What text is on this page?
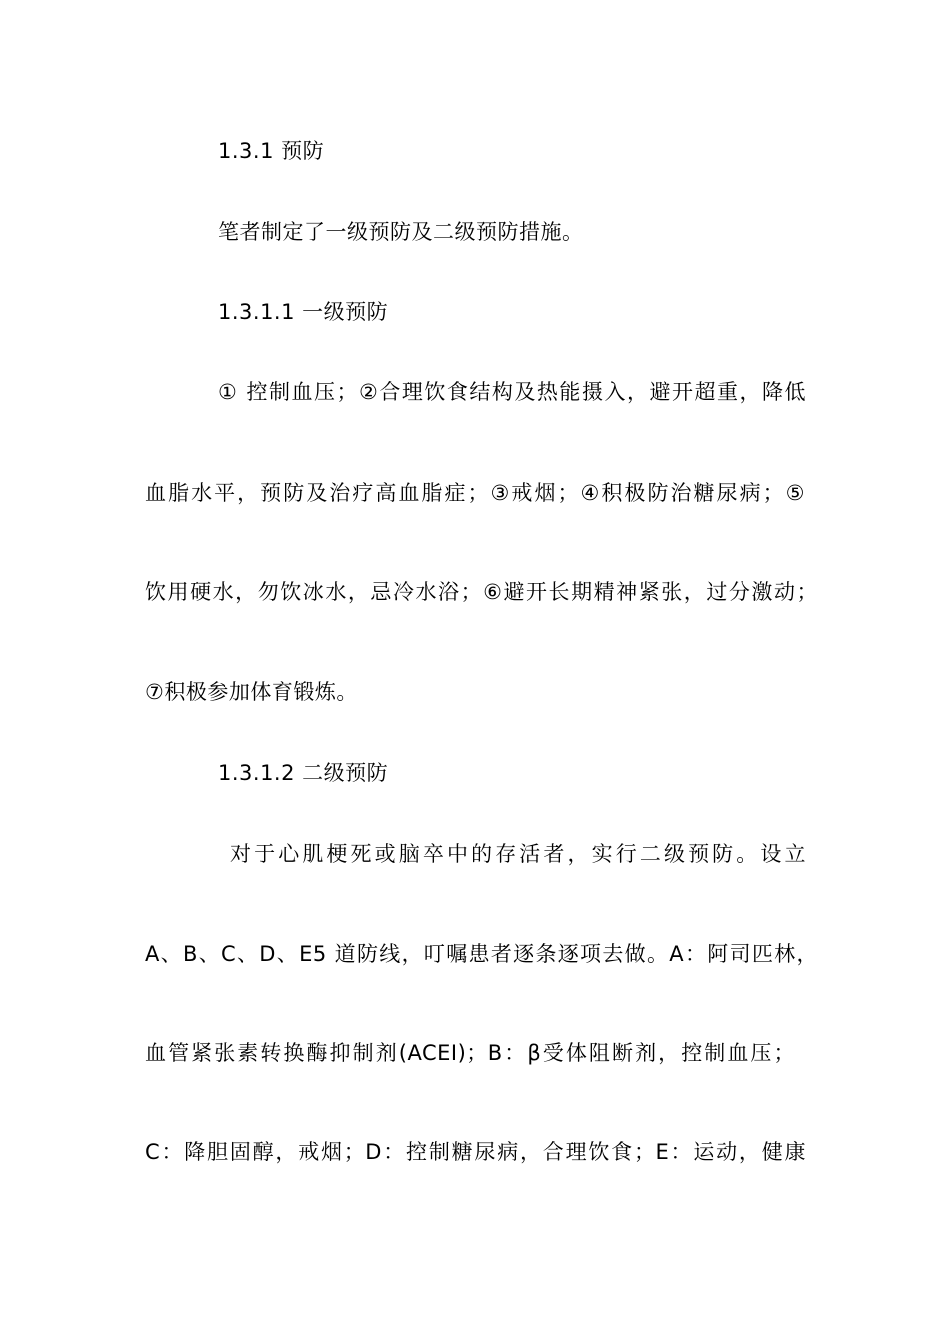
1.3.1 预防
笔者制定了一级预防及二级预防措施。
1.3.1.1 一级预防
① 控制血压；②合理饮食结构及热能摄入，避开超重，降低
血脂水平，预防及治疗高血脂症；③戒烟；④积极防治糖尿病；⑤
饮用硬水，勿饮冰水，忌冷水浴；⑥避开长期精神紧张，过分激动；
⑦积极参加体育锻炼。
1.3.1.2 二级预防
对于心肌梗死或脑卒中的存活者，实行二级预防。设立
A、B、C、D、E5 道防线，叮嘱患者逐条逐项去做。A：阿司匹林，
血管紧张素转换酶抑制剂(ACEI)；B：β受体阻断剂，控制血压；
C：降胆固醇，戒烟；D：控制糖尿病，合理饮食；E：运动，健康
